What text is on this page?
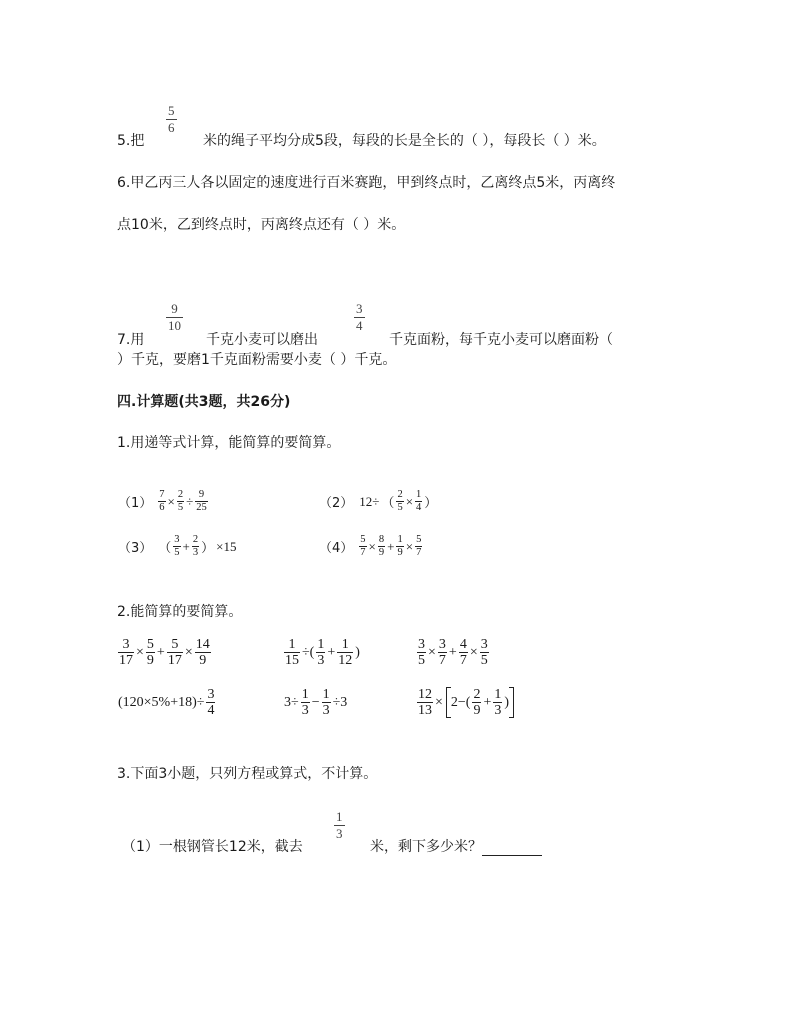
5
6
5.把	米的绳子平均分成5段，每段的长是全长的（ ），每段长（ ）米。
6.甲乙丙三人各以固定的速度进行百米赛跑，甲到终点时，乙离终点5米，丙离终
点10米，乙到终点时，丙离终点还有（ ）米。
9
10
3
4
7.用	千克小麦可以磨出	千克面粉，每千克小麦可以磨面粉（
）千克，要磨1千克面粉需要小麦（ ）千克。
四.计算题(共3题，共26分)
1.用递等式计算，能简算的要简算。
（1）
7
6 × 2
5 ÷ 9
25	（2） 12÷ （
2
5 × 1
4 ）
（3） （
3
5 + 2
3 ） ×15	（4）
5
7 × 8
9 + 1
9 × 5
7
2.能简算的要简算。
3
17
× 5
9
+ 5
17
× 14
9
1
15
÷( 1
3
+ 1
12
)	3
5
× 3
7
+ 4
7
× 3
5
(120×5%+18)÷ 3
4
3÷ 1
3
− 1
3
÷3	12
13
× 2−( 2
9
+ 1
3
)
3.下面3小题，只列方程或算式，不计算。
1
3
（1）一根钢管长12米，截去	米，剩下多少米？
